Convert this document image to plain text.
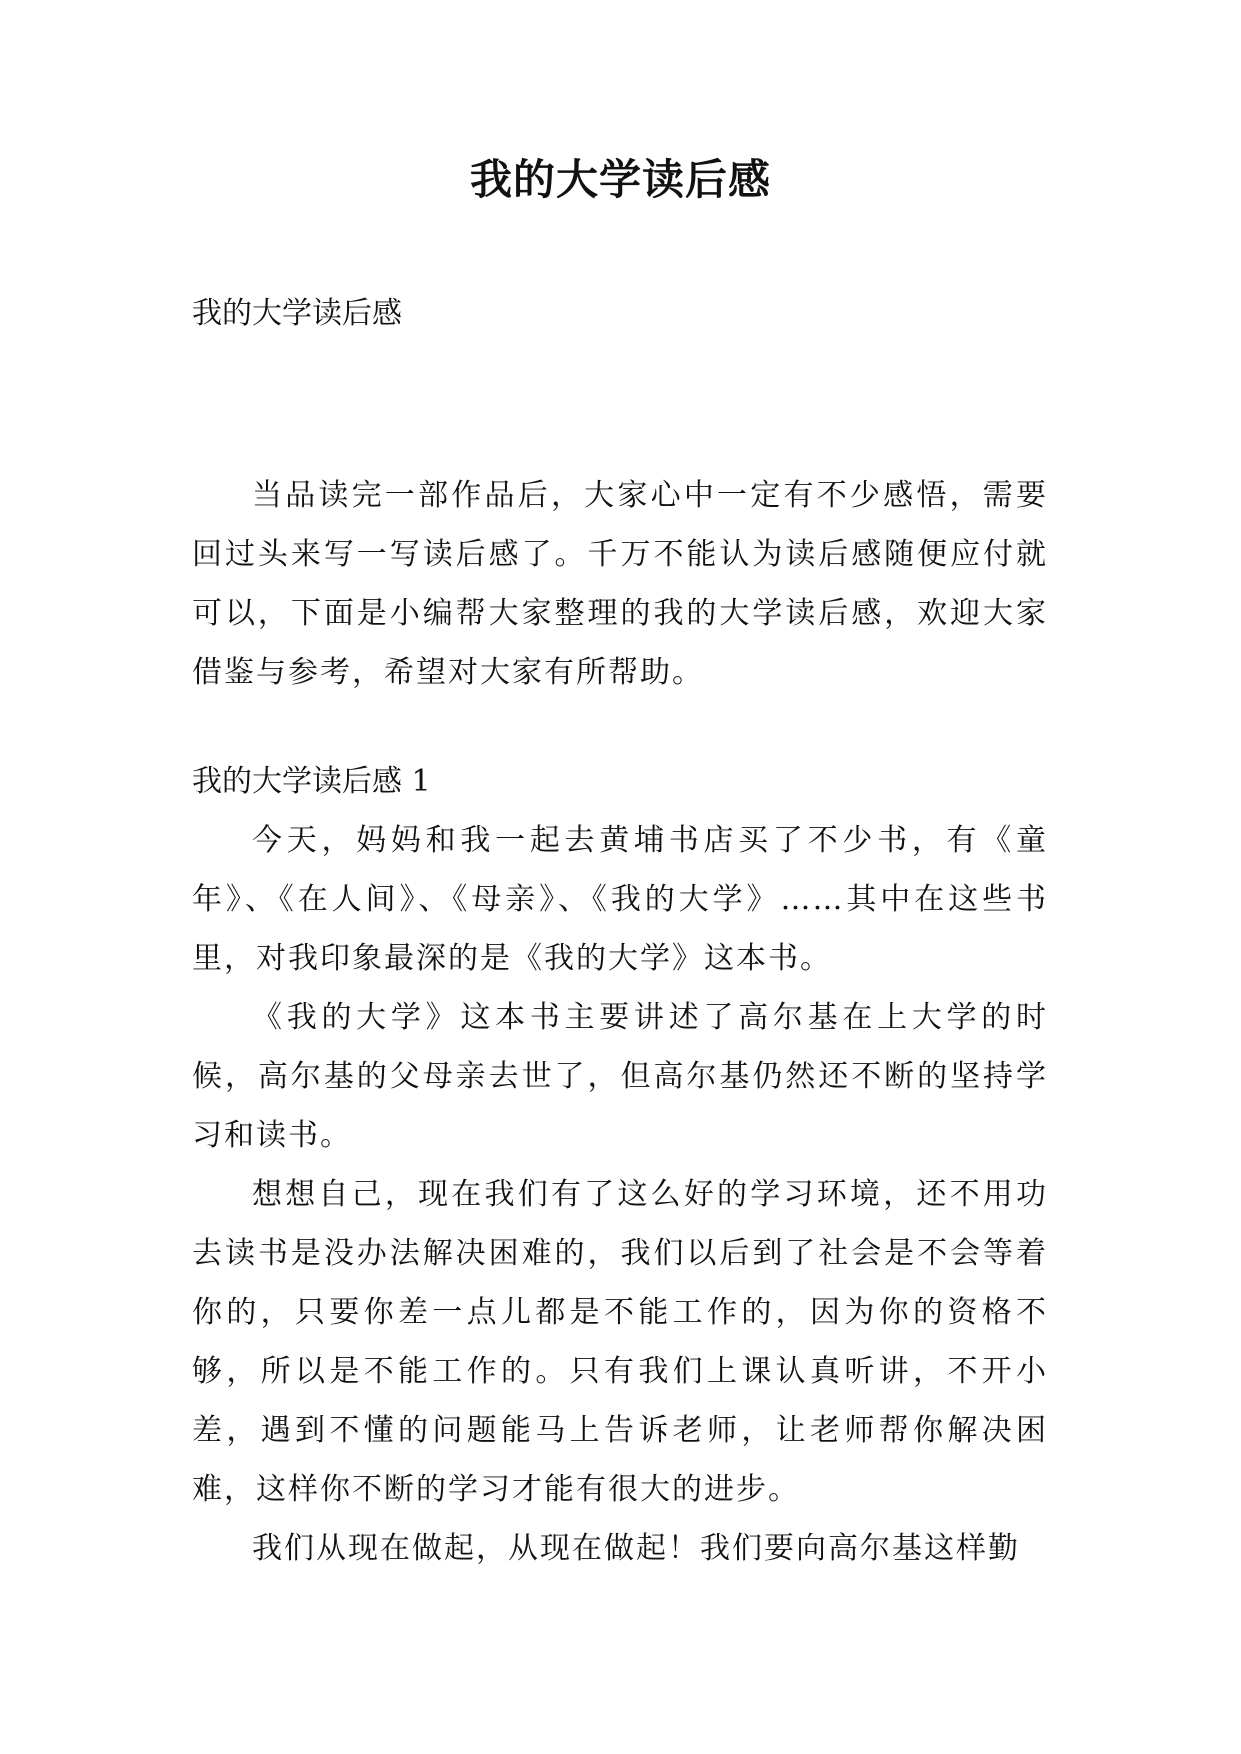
我的大学读后感
我的大学读后感

当品读完一部作品后，大家心中一定有不少感悟，需要回过头来写一写读后感了。千万不能认为读后感随便应付就可以，下面是小编帮大家整理的我的大学读后感，欢迎大家借鉴与参考，希望对大家有所帮助。

我的大学读后感 1

今天，妈妈和我一起去黄埔书店买了不少书，有《童年》、《在人间》、《母亲》、《我的大学》……其中在这些书里，对我印象最深的是《我的大学》这本书。

《我的大学》这本书主要讲述了高尔基在上大学的时候，高尔基的父母亲去世了，但高尔基仍然还不断的坚持学习和读书。

想想自己，现在我们有了这么好的学习环境，还不用功去读书是没办法解决困难的，我们以后到了社会是不会等着你的，只要你差一点儿都是不能工作的，因为你的资格不够，所以是不能工作的。只有我们上课认真听讲，不开小差，遇到不懂的问题能马上告诉老师，让老师帮你解决困难，这样你不断的学习才能有很大的进步。

我们从现在做起，从现在做起！我们要向高尔基这样勤
